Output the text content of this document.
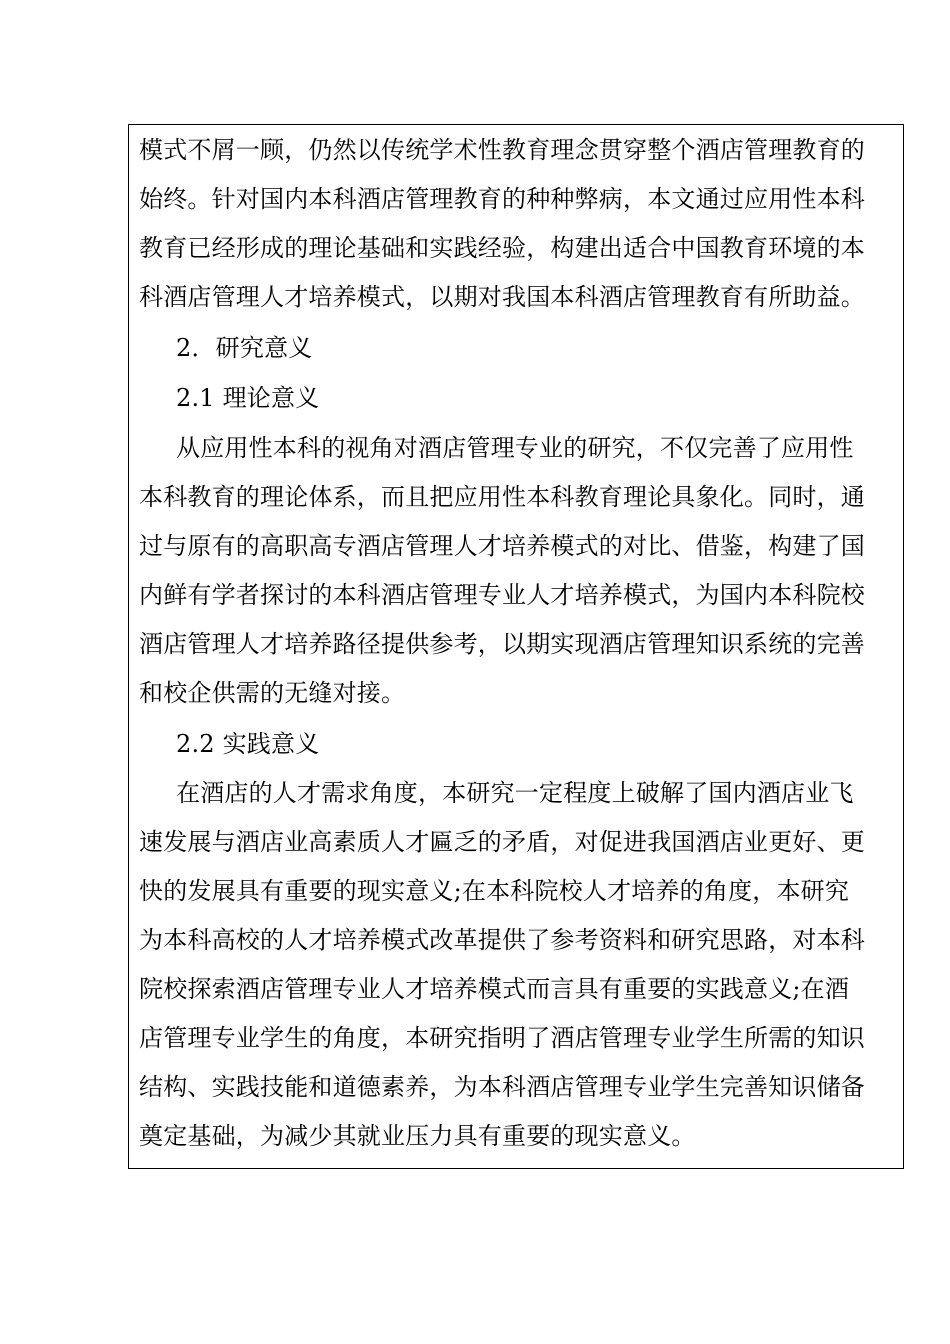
模式不屑一顾，仍然以传统学术性教育理念贯穿整个酒店管理教育的
始终。针对国内本科酒店管理教育的种种弊病，本文通过应用性本科
教育已经形成的理论基础和实践经验，构建出适合中国教育环境的本
科酒店管理人才培养模式，以期对我国本科酒店管理教育有所助益。
2．研究意义
2.1 理论意义
从应用性本科的视角对酒店管理专业的研究，不仅完善了应用性
本科教育的理论体系，而且把应用性本科教育理论具象化。同时，通
过与原有的高职高专酒店管理人才培养模式的对比、借鉴，构建了国
内鲜有学者探讨的本科酒店管理专业人才培养模式，为国内本科院校
酒店管理人才培养路径提供参考，以期实现酒店管理知识系统的完善
和校企供需的无缝对接。
2.2 实践意义
在酒店的人才需求角度，本研究一定程度上破解了国内酒店业飞
速发展与酒店业高素质人才匾乏的矛盾，对促进我国酒店业更好、更
快的发展具有重要的现实意义;在本科院校人才培养的角度，本研究
为本科高校的人才培养模式改革提供了参考资料和研究思路，对本科
院校探索酒店管理专业人才培养模式而言具有重要的实践意义;在酒
店管理专业学生的角度，本研究指明了酒店管理专业学生所需的知识
结构、实践技能和道德素养，为本科酒店管理专业学生完善知识储备
奠定基础，为减少其就业压力具有重要的现实意义。
